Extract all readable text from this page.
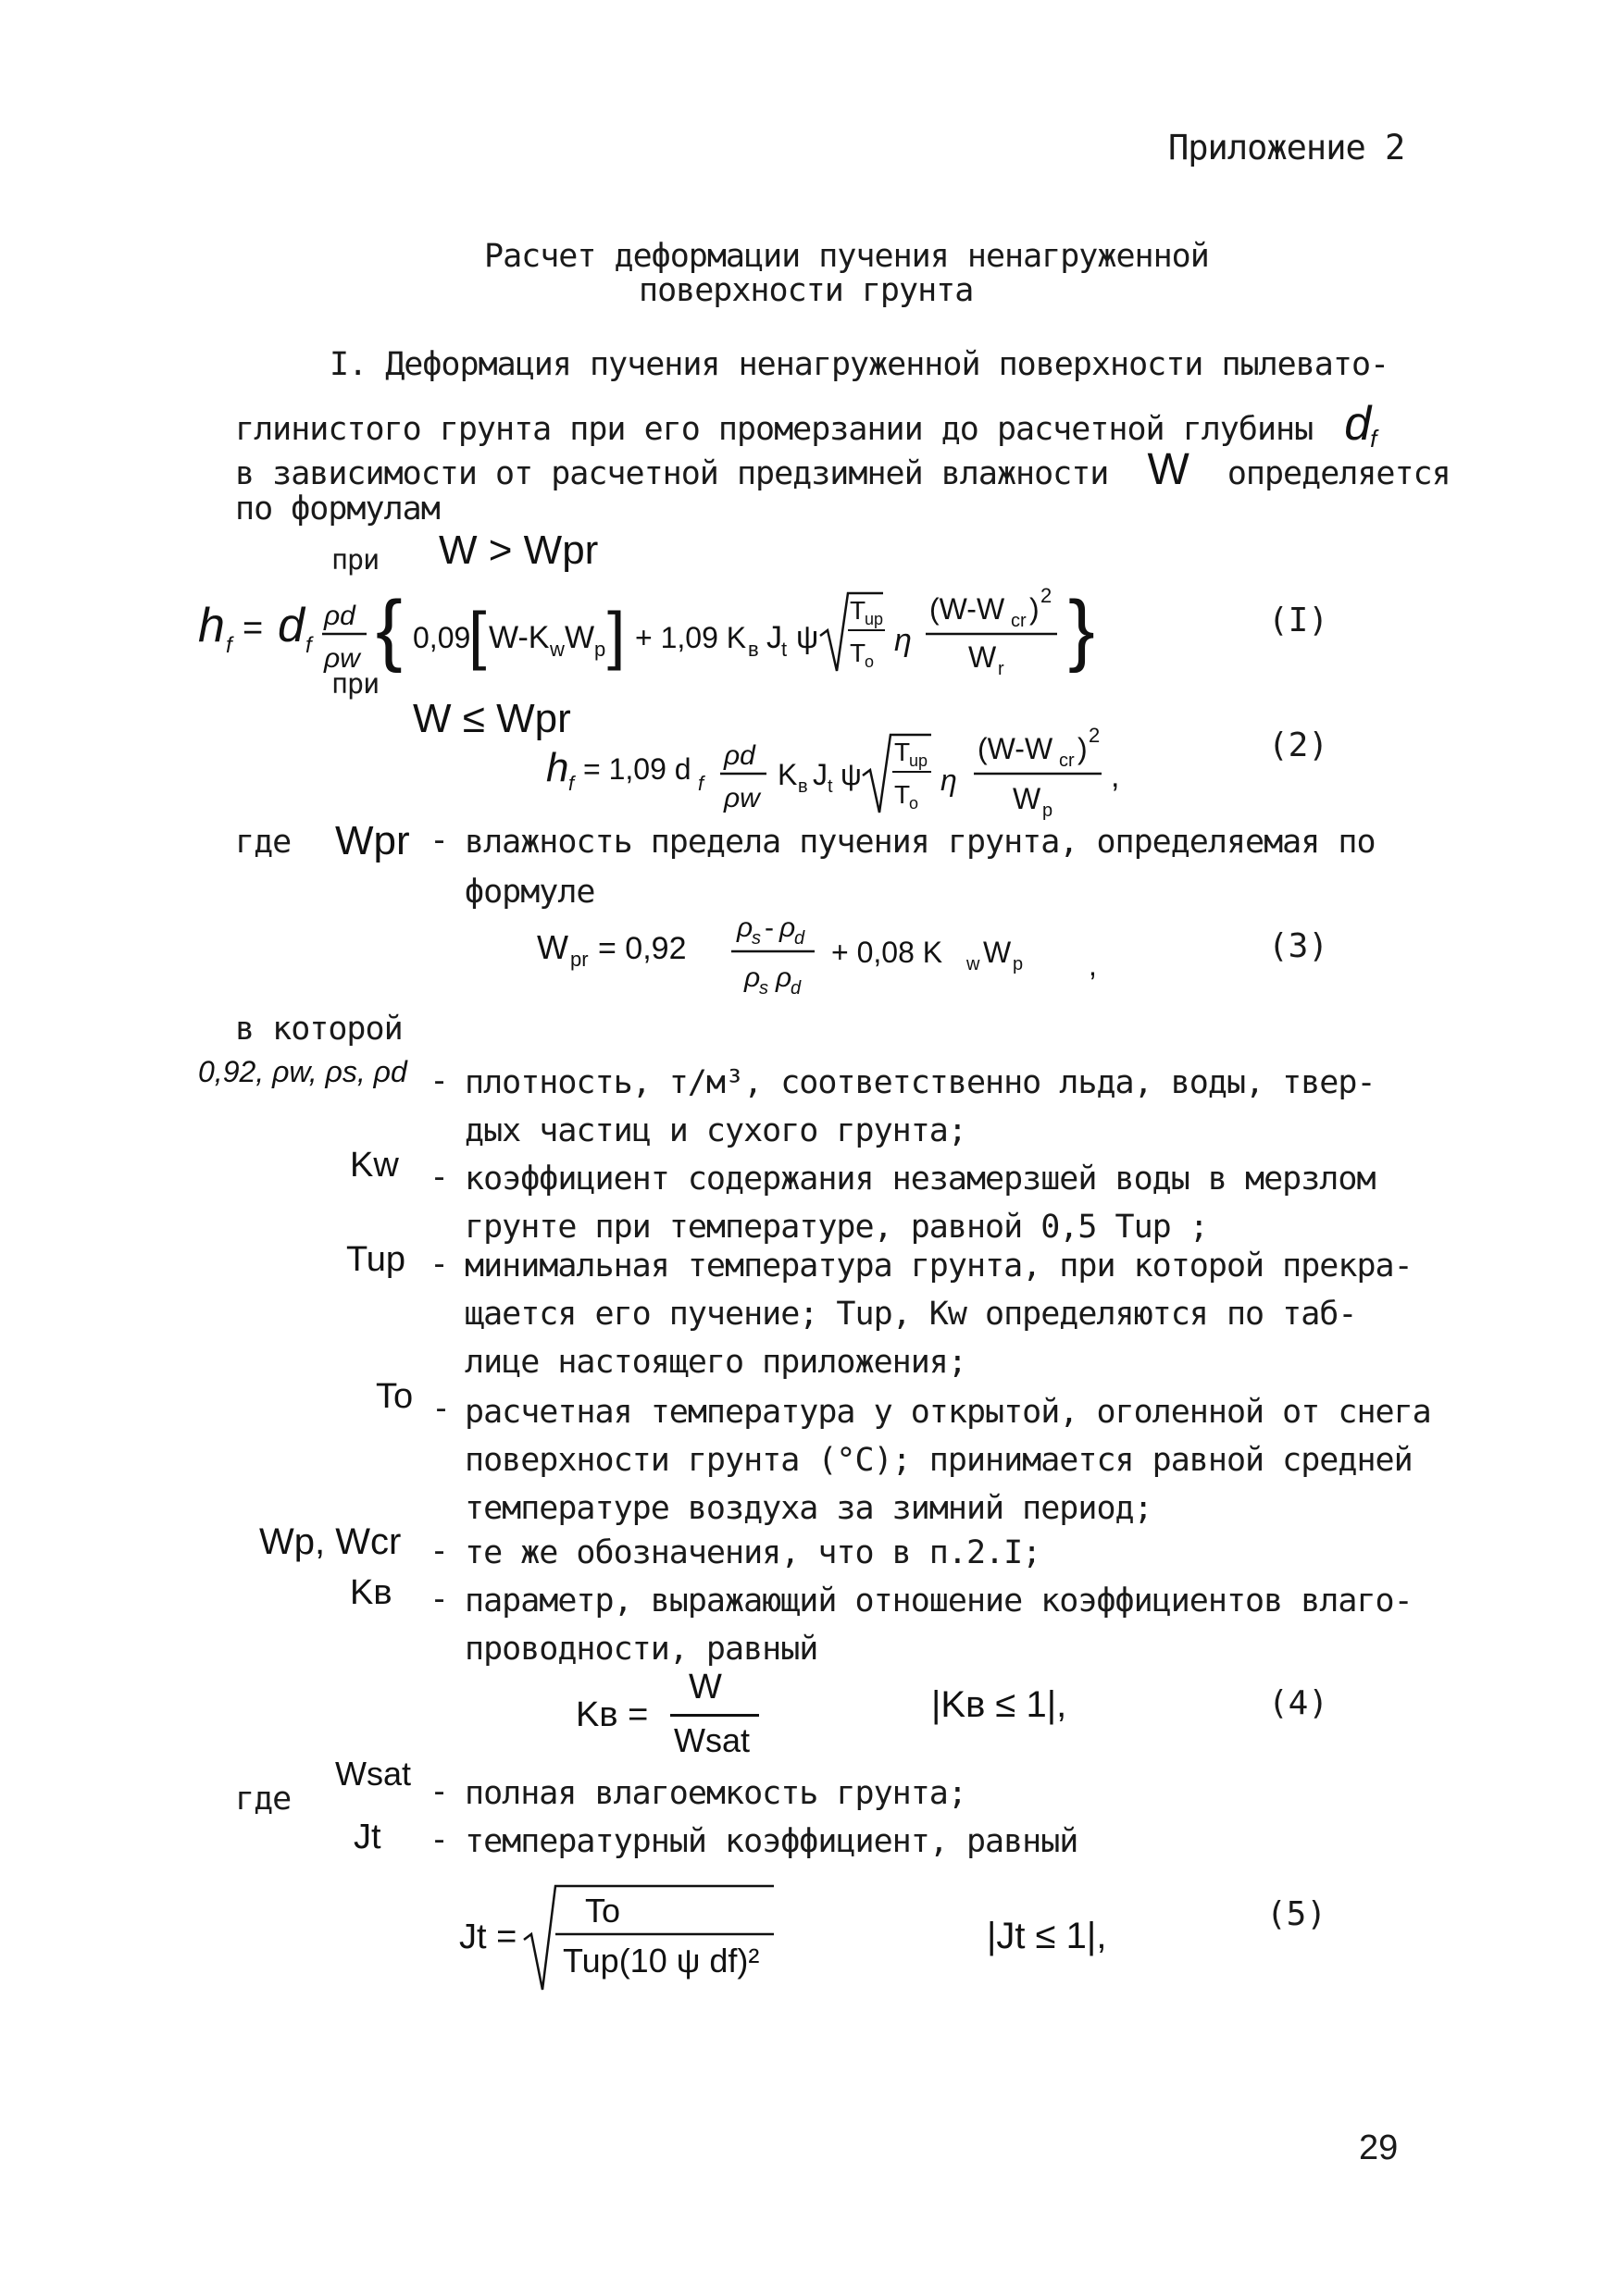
Приложение 2
Расчет деформации пучения ненагруженной
поверхности грунта
I. Деформация пучения ненагруженной поверхности пылевато-
глинистого грунта при его промерзании до расчетной глубины $d_f$
в зависимости от расчетной предзимней влажности W определяется
по формулам
при W > Wpr
h f = d f
ρd
ρw { 0,09
[ W-K w W p ] + 1,09 K в J t ψ
T
up
T
o
η
(W-W cr ) 2
W r }	(I)
при
W ≤ Wpr
h f = 1,09 d f
ρd
ρw
K в J t ψ
T
up
T
o
η
(W-W cr ) 2
W p
,
(2)
где Wpr - влажность предела пучения грунта, определяемая по
формуле
W pr = 0,92
ρ
s - ρ
d
ρ
s ρ
d
+ 0,08 K w W p ,	(3)
в которой
0,92, ρw, ρs, ρd - плотность, т/м³, соответственно льда, воды, твер-
дых частиц и сухого грунта;
Kw - коэффициент содержания незамерзшей воды в мерзлом
грунте при температуре, равной 0,5 Tup ;
Tup - минимальная температура грунта, при которой прекра-
щается его пучение; Tup, Kw определяются по таб-
лице настоящего приложения;
To - расчетная температура у открытой, оголенной от снега
поверхности грунта (°C); принимается равной средней
температуре воздуха за зимний период;
Wp, Wcr - те же обозначения, что в п.2.I;
Kв - параметр, выражающий отношение коэффициентов влаго-
проводности, равный
Kв =
W
Wsat
|Kв ≤ 1|,	(4)
где
Wsat - полная влагоемкость грунта;
Jt - температурный коэффициент, равный
Jt =
To
Tup(10 ψ df)²
|Jt ≤ 1|,
(5)
29
